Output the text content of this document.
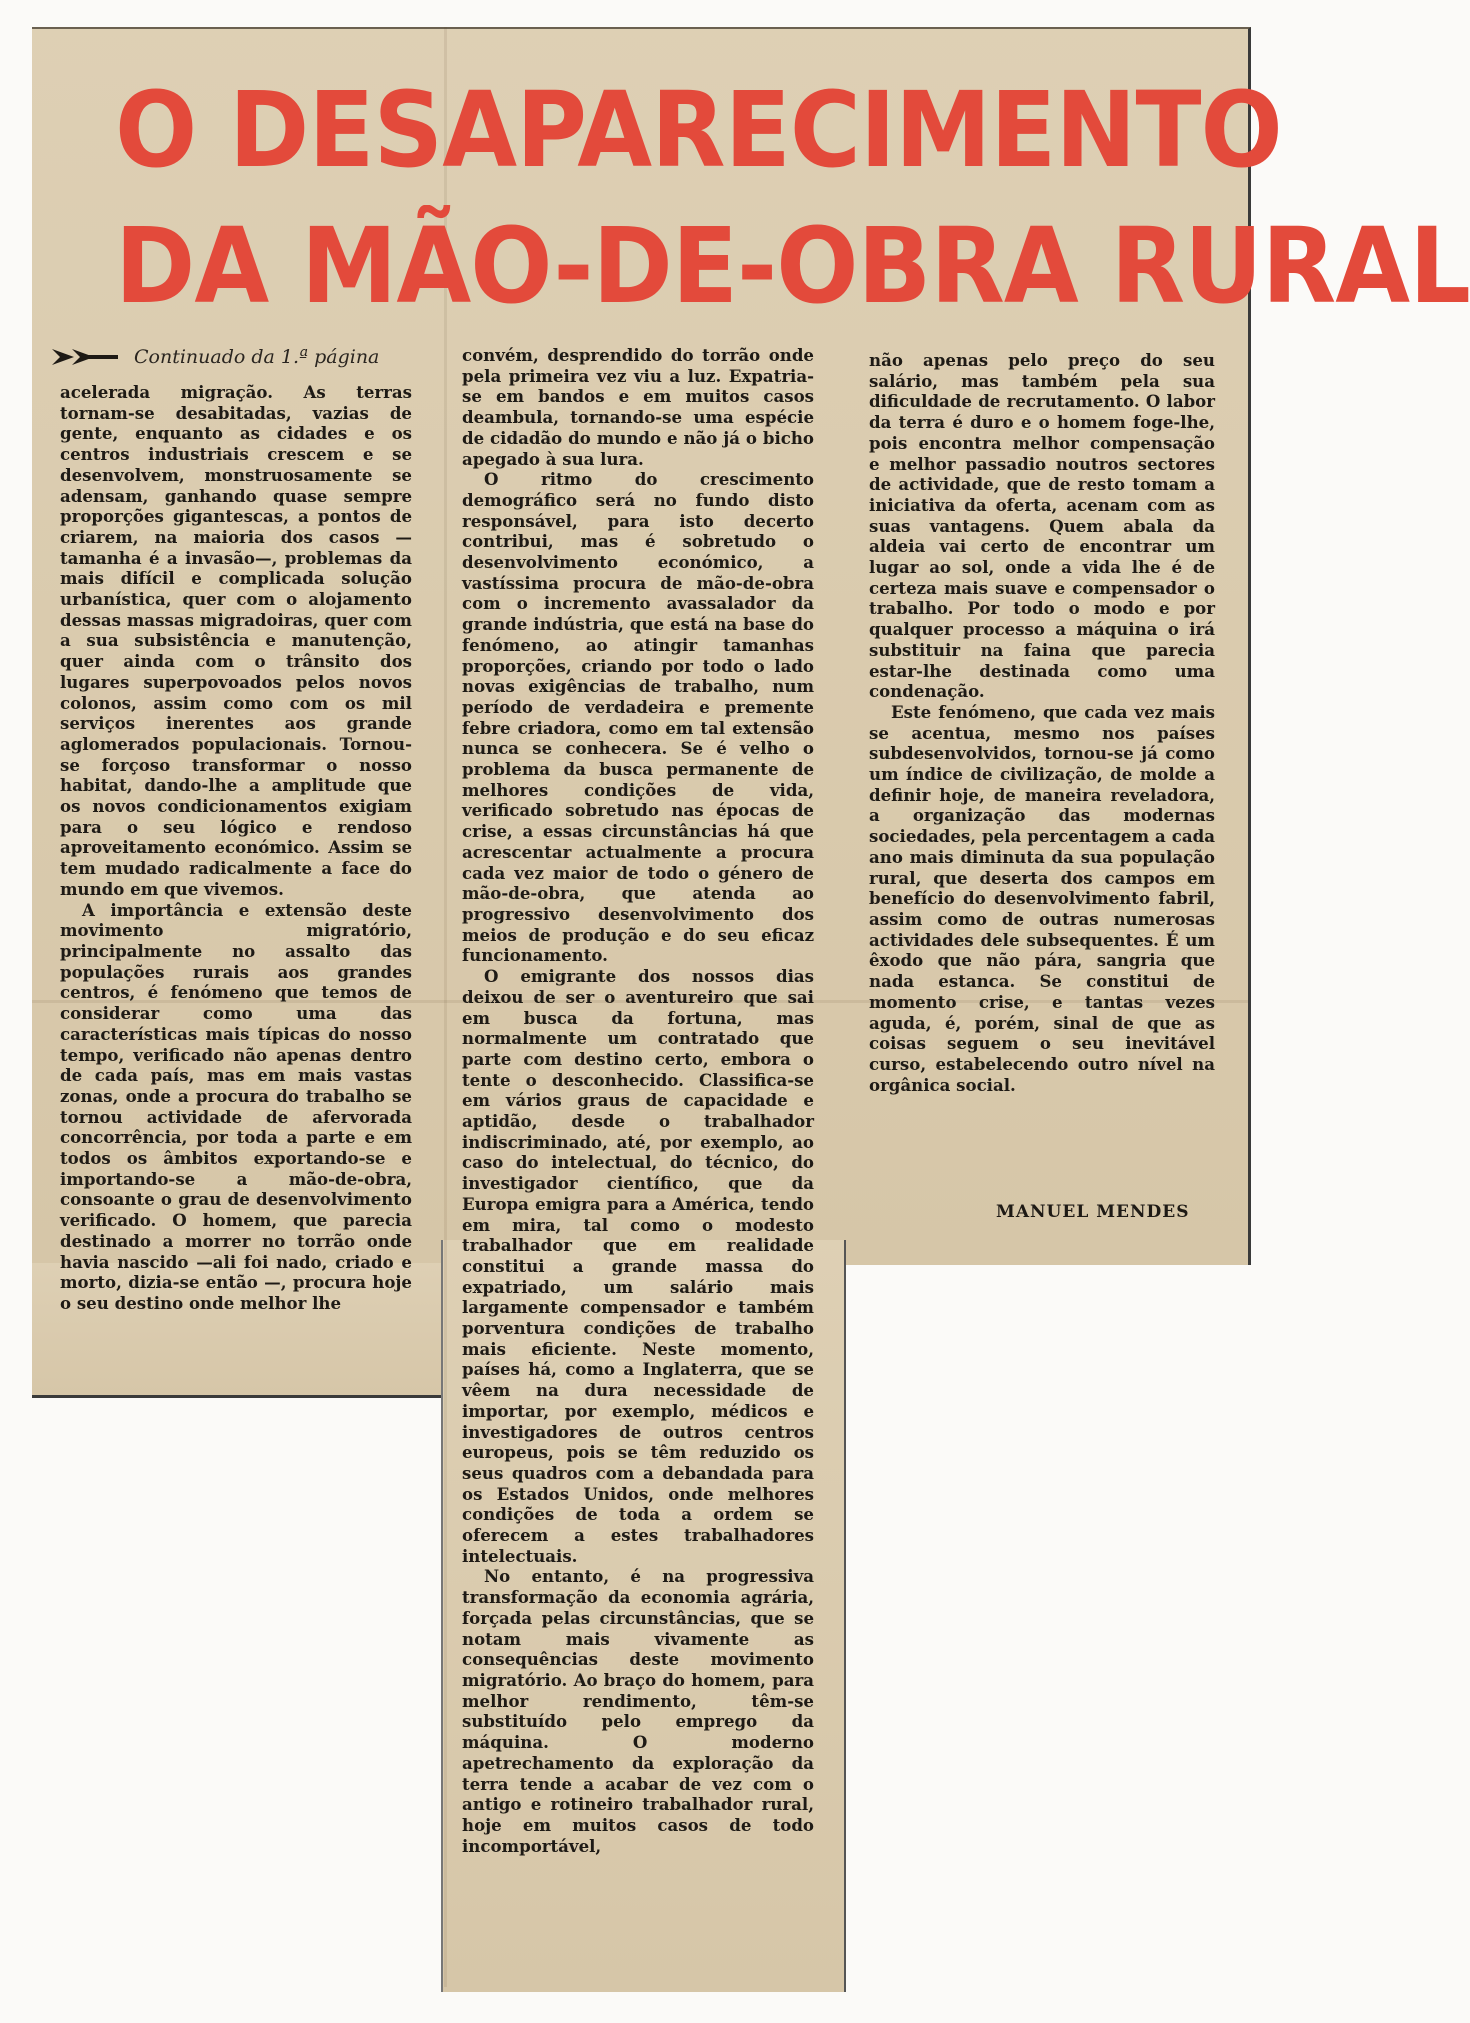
O DESAPARECIMENTO
DA MÃO-DE-OBRA RURAL
Continuado da 1.ª página

acelerada migração. As terras tornam-se desabitadas, vazias de gente, enquanto as cidades e os centros industriais crescem e se desenvolvem, monstruosamente se adensam, ganhando quase sempre proporções gigantescas, a pontos de criarem, na maioria dos casos — tamanha é a invasão—, problemas da mais difícil e complicada solução urbanística, quer com o alojamento dessas massas migradoiras, quer com a sua subsistência e manutenção, quer ainda com o trânsito dos lugares superpovoados pelos novos colonos, assim como com os mil serviços inerentes aos grande aglomerados populacionais. Tornou-se forçoso transformar o nosso habitat, dando-lhe a amplitude que os novos condicionamentos exigiam para o seu lógico e rendoso aproveitamento económico. Assim se tem mudado radicalmente a face do mundo em que vivemos.

A importância e extensão deste movimento migratório, principalmente no assalto das populações rurais aos grandes centros, é fenómeno que temos de considerar como uma das características mais típicas do nosso tempo, verificado não apenas dentro de cada país, mas em mais vastas zonas, onde a procura do trabalho se tornou actividade de afervorada concorrência, por toda a parte e em todos os âmbitos exportando-se e importando-se a mão-de-obra, consoante o grau de desenvolvimento verificado. O homem, que parecia destinado a morrer no torrão onde havia nascido —ali foi nado, criado e morto, dizia-se então —, procura hoje o seu destino onde melhor lhe

convém, desprendido do torrão onde pela primeira vez viu a luz. Expatria-se em bandos e em muitos casos deambula, tornando-se uma espécie de cidadão do mundo e não já o bicho apegado à sua lura.

O ritmo do crescimento demográfico será no fundo disto responsável, para isto decerto contribui, mas é sobretudo o desenvolvimento económico, a vastíssima procura de mão-de-obra com o incremento avassalador da grande indústria, que está na base do fenómeno, ao atingir tamanhas proporções, criando por todo o lado novas exigências de trabalho, num período de verdadeira e premente febre criadora, como em tal extensão nunca se conhecera. Se é velho o problema da busca permanente de melhores condições de vida, verificado sobretudo nas épocas de crise, a essas circunstâncias há que acrescentar actualmente a procura cada vez maior de todo o género de mão-de-obra, que atenda ao progressivo desenvolvimento dos meios de produção e do seu eficaz funcionamento.

O emigrante dos nossos dias deixou de ser o aventureiro que sai em busca da fortuna, mas normalmente um contratado que parte com destino certo, embora o tente o desconhecido. Classifica-se em vários graus de capacidade e aptidão, desde o trabalhador indiscriminado, até, por exemplo, ao caso do intelectual, do técnico, do investigador científico, que da Europa emigra para a América, tendo em mira, tal como o modesto trabalhador que em realidade constitui a grande massa do expatriado, um salário mais largamente compensador e também porventura condições de trabalho mais eficiente. Neste momento, países há, como a Inglaterra, que se vêem na dura necessidade de importar, por exemplo, médicos e investigadores de outros centros europeus, pois se têm reduzido os seus quadros com a debandada para os Estados Unidos, onde melhores condições de toda a ordem se oferecem a estes trabalhadores intelectuais.

No entanto, é na progressiva transformação da economia agrária, forçada pelas circunstâncias, que se notam mais vivamente as consequências deste movimento migratório. Ao braço do homem, para melhor rendimento, têm-se substituído pelo emprego da máquina. O moderno apetrechamento da exploração da terra tende a acabar de vez com o antigo e rotineiro trabalhador rural, hoje em muitos casos de todo incomportável,

não apenas pelo preço do seu salário, mas também pela sua dificuldade de recrutamento. O labor da terra é duro e o homem foge-lhe, pois encontra melhor compensação e melhor passadio noutros sectores de actividade, que de resto tomam a iniciativa da oferta, acenam com as suas vantagens. Quem abala da aldeia vai certo de encontrar um lugar ao sol, onde a vida lhe é de certeza mais suave e compensador o trabalho. Por todo o modo e por qualquer processo a máquina o irá substituir na faina que parecia estar-lhe destinada como uma condenação.

Este fenómeno, que cada vez mais se acentua, mesmo nos países subdesenvolvidos, tornou-se já como um índice de civilização, de molde a definir hoje, de maneira reveladora, a organização das modernas sociedades, pela percentagem a cada ano mais diminuta da sua população rural, que deserta dos campos em benefício do desenvolvimento fabril, assim como de outras numerosas actividades dele subsequentes. É um êxodo que não pára, sangria que nada estanca. Se constitui de momento crise, e tantas vezes aguda, é, porém, sinal de que as coisas seguem o seu inevitável curso, estabelecendo outro nível na orgânica social.

MANUEL MENDES
